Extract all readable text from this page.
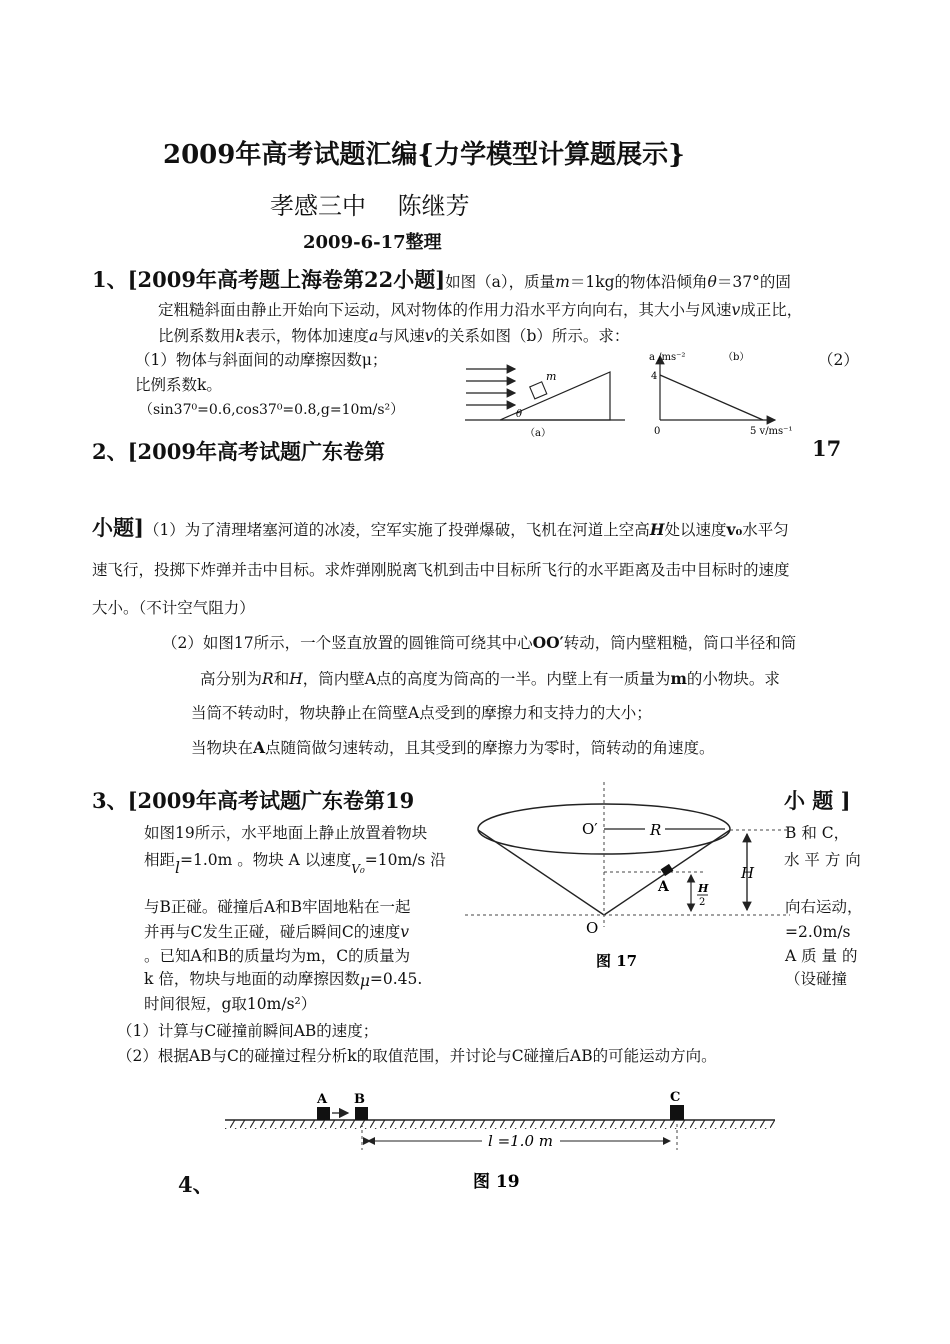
2009年高考试题汇编{力学模型计算题展示}
孝感三中　 陈继芳
2009-6-17整理
1、[2009年高考题上海卷第22小题]如图（a），质量m＝1kg的物体沿倾角θ＝37°的固
定粗糙斜面由静止开始向下运动，风对物体的作用力沿水平方向向右，其大小与风速v成正比，
比例系数用k表示，物体加速度a与风速v的关系如图（b）所示。求：
（1）物体与斜面间的动摩擦因数μ；	（2）
比例系数k。
（sin37⁰=0.6,cos37⁰=0.8,g=10m/s²）
m
θ
（a）
a /ms⁻²	（b）
4
0	5 v/ms⁻¹
2、[2009年高考试题广东卷第	17
小题]（1）为了清理堵塞河道的冰凌，空军实施了投弹爆破，飞机在河道上空高H处以速度v₀水平匀
速飞行，投掷下炸弹并击中目标。求炸弹刚脱离飞机到击中目标所飞行的水平距离及击中目标时的速度
大小。（不计空气阻力）
（2）如图17所示，一个竖直放置的圆锥筒可绕其中心OO′转动，筒内壁粗糙，筒口半径和筒
高分别为R和H，筒内壁A点的高度为筒高的一半。内壁上有一质量为m的小物块。求
当筒不转动时，物块静止在筒壁A点受到的摩擦力和支持力的大小；
当物块在A点随筒做匀速转动，且其受到的摩擦力为零时，筒转动的角速度。
3、[2009年高考试题广东卷第19	小 题 ]
O′	R
H
A	H
2
O
图 17
如图19所示，水平地面上静止放置着物块	B 和 C，
相距l=1.0m 。物块 A 以速度$_{V_0}$=10m/s 沿	水 平 方 向
与B正碰。碰撞后A和B牢固地粘在一起	向右运动，
并再与C发生正碰，碰后瞬间C的速度v	=2.0m/s
。已知A和B的质量均为m，C的质量为	A 质 量 的
k 倍，物块与地面的动摩擦因数μ=0.45.	（设碰撞
时间很短，g取10m/s²）
（1）计算与C碰撞前瞬间AB的速度；
（2）根据AB与C的碰撞过程分析k的取值范围，并讨论与C碰撞后AB的可能运动方向。
A B	C
l =1.0 m
图 19
4、
